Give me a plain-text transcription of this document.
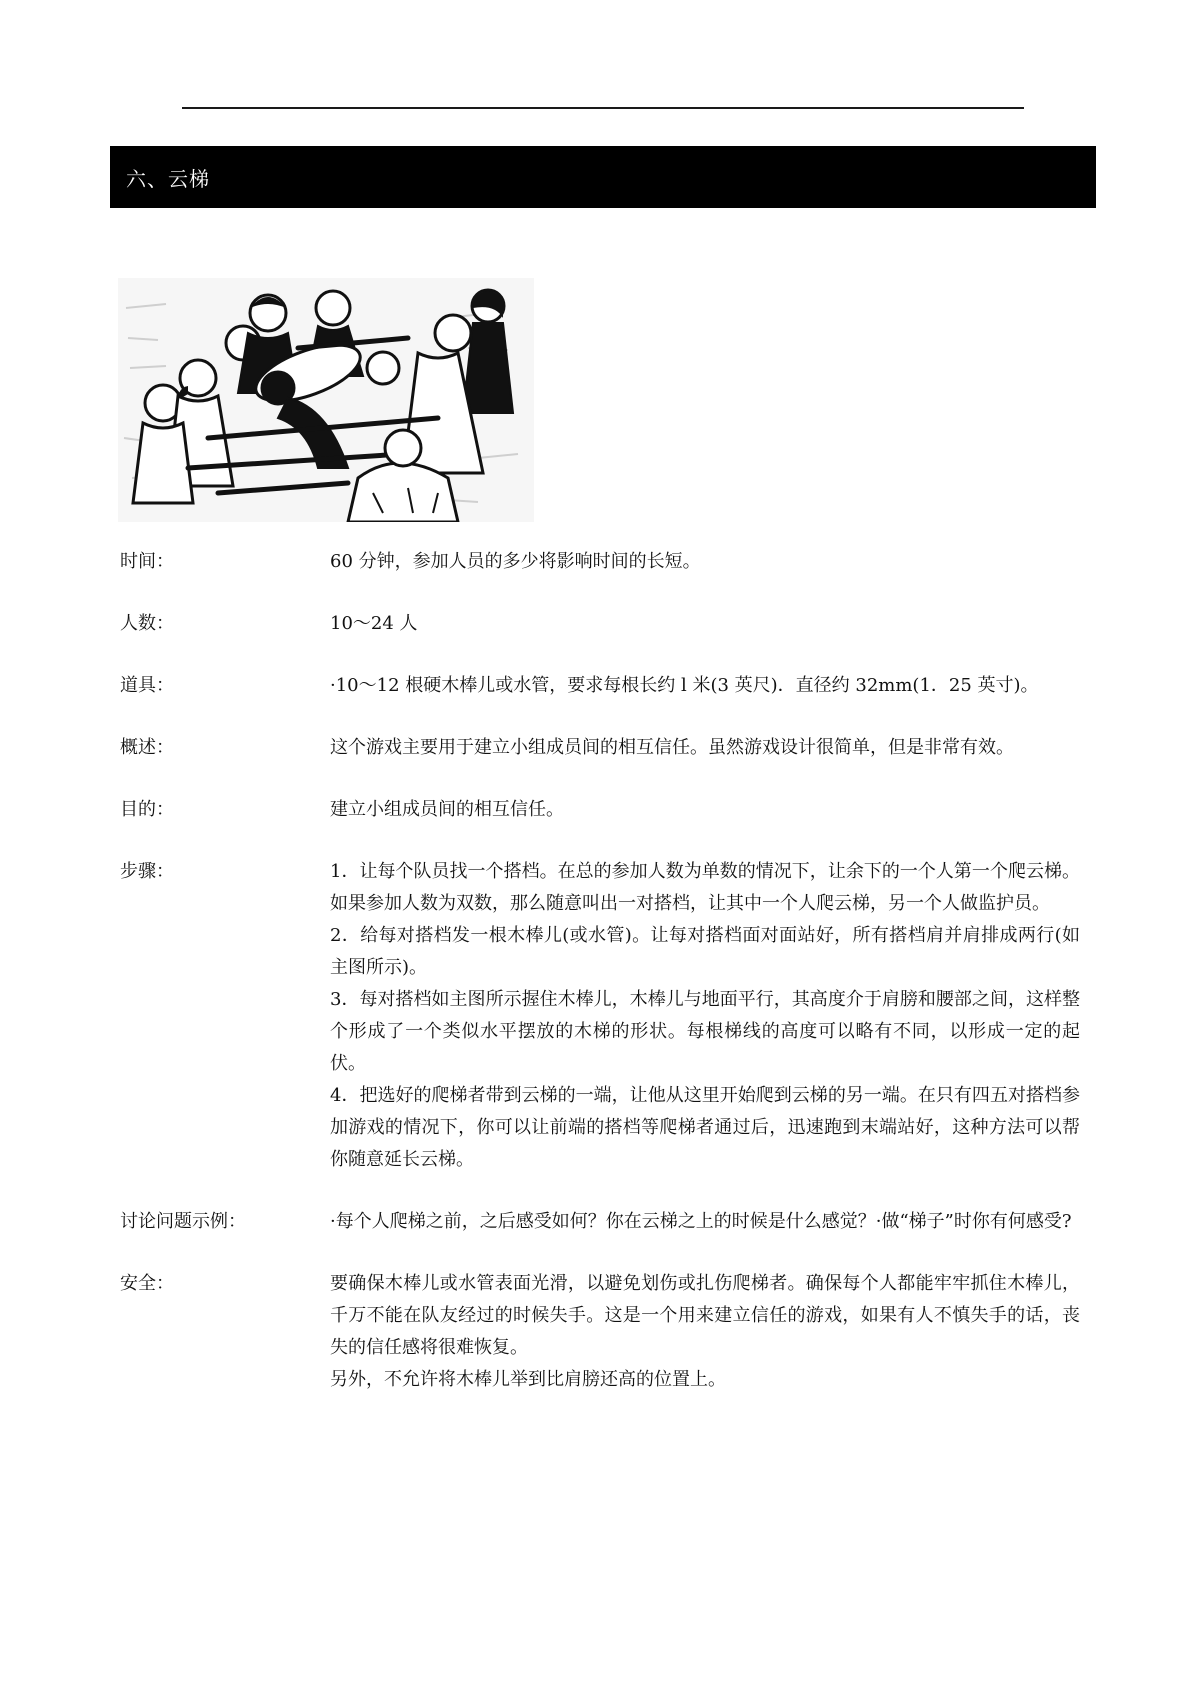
六、云梯
时间：	60 分钟，参加人员的多少将影响时间的长短。

人数：	10～24 人

道具：	·10～12 根硬木棒儿或水管，要求每根长约 l 米(3 英尺)．直径约 32mm(1．25 英寸)。

概述：	这个游戏主要用于建立小组成员间的相互信任。虽然游戏设计很简单，但是非常有效。

目的：	建立小组成员间的相互信任。

步骤：	1．让每个队员找一个搭档。在总的参加人数为单数的情况下，让余下的一个人第一个爬云梯。如果参加人数为双数，那么随意叫出一对搭档，让其中一个人爬云梯，另一个人做监护员。

2．给每对搭档发一根木棒儿(或水管)。让每对搭档面对面站好，所有搭档肩并肩排成两行(如主图所示)。

3．每对搭档如主图所示握住木棒儿，木棒儿与地面平行，其高度介于肩膀和腰部之间，这样整个形成了一个类似水平摆放的木梯的形状。每根梯线的高度可以略有不同，以形成一定的起伏。

4．把选好的爬梯者带到云梯的一端，让他从这里开始爬到云梯的另一端。在只有四五对搭档参加游戏的情况下，你可以让前端的搭档等爬梯者通过后，迅速跑到末端站好，这种方法可以帮你随意延长云梯。

讨论问题示例：	·每个人爬梯之前，之后感受如何？你在云梯之上的时候是什么感觉？·做“梯子”时你有何感受?

安全：	要确保木棒儿或水管表面光滑，以避免划伤或扎伤爬梯者。确保每个人都能牢牢抓住木棒儿，千万不能在队友经过的时候失手。这是一个用来建立信任的游戏，如果有人不慎失手的话，丧失的信任感将很难恢复。

另外，不允许将木棒儿举到比肩膀还高的位置上。
